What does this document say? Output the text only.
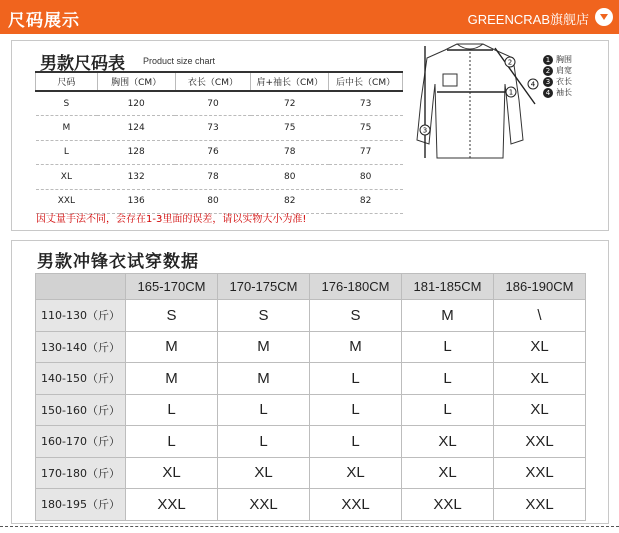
尺码展示	GREENCRAB旗舰店
男款尺码表 Product size chart
尺码	胸围（CM）	衣长（CM）	肩+袖长（CM）	后中长（CM）
S	120	70	72	73
M	124	73	75	75
L	128	76	78	77
XL	132	78	80	80
XXL	136	80	82	82
因丈量手法不同，会存在1-3里面的误差，请以实物大小为准!
1
2
3
4
1 胸围
2 肩宽
3 衣长
4 袖长
男款冲锋衣试穿数据
	165-170CM	170-175CM	176-180CM	181-185CM	186-190CM
110-130（斤）	S	S	S	M	\
130-140（斤）	M	M	M	L	XL
140-150（斤）	M	M	L	L	XL
150-160（斤）	L	L	L	L	XL
160-170（斤）	L	L	L	XL	XXL
170-180（斤）	XL	XL	XL	XL	XXL
180-195（斤）	XXL	XXL	XXL	XXL	XXL
